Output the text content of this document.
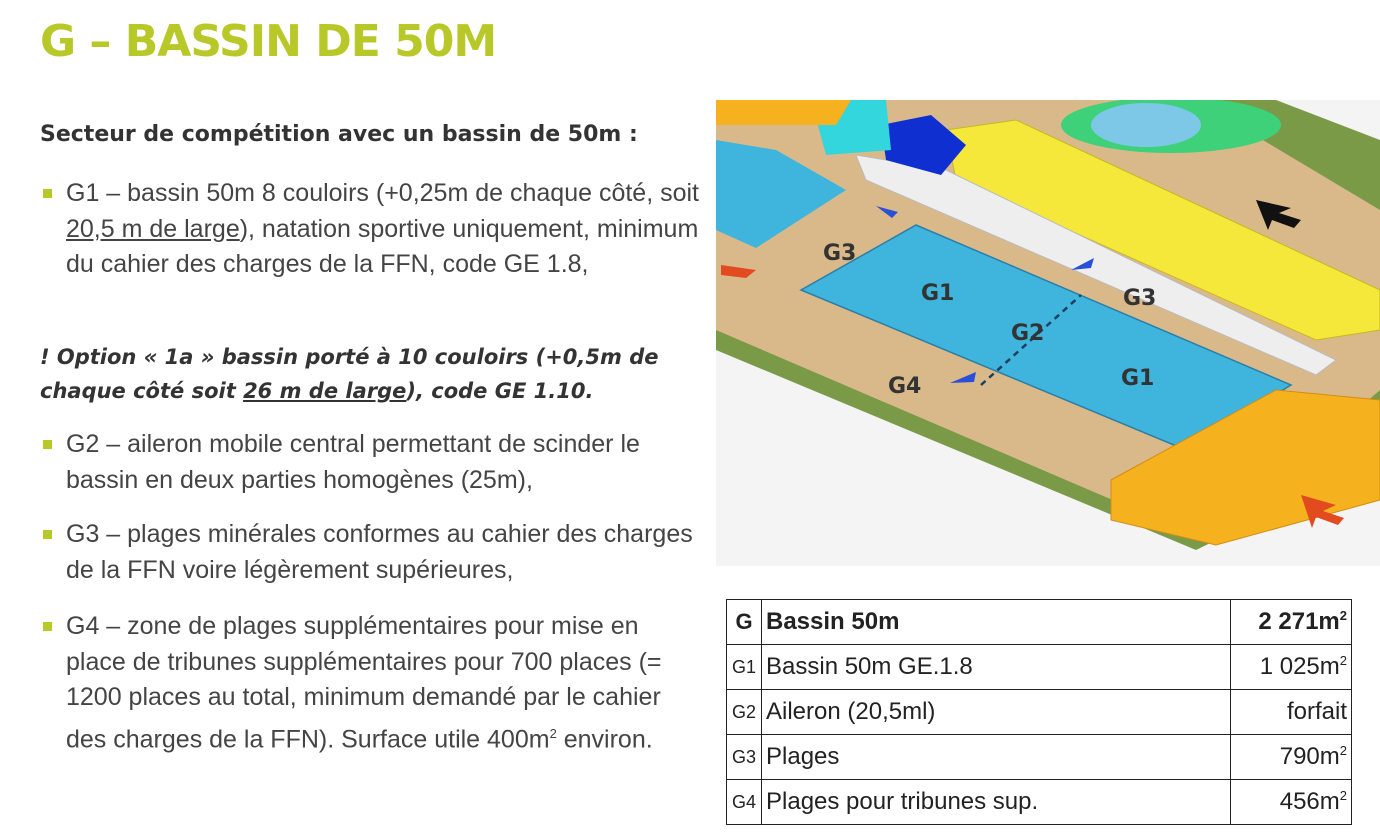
G – BASSIN DE 50M

Secteur de compétition avec un bassin de 50m :

G1 – bassin 50m 8 couloirs (+0,25m de chaque côté, soit 20,5 m de large), natation sportive uniquement, minimum du cahier des charges de la FFN, code GE 1.8,
! Option « 1a » bassin porté à 10 couloirs (+0,5m de chaque côté soit 26 m de large), code GE 1.10.
G2 – aileron mobile central permettant de scinder le bassin en deux parties homogènes (25m),
G3 – plages minérales conformes au cahier des charges de la FFN voire légèrement supérieures,
G4 – zone de plages supplémentaires pour mise en place de tribunes supplémentaires pour 700 places (= 1200 places au total, minimum demandé par le cahier des charges de la FFN). Surface utile $400m^2$ environ.
G3
G1	G3
G2
G1
G4
G	Bassin 50m	2 $271m^2$
G1	Bassin 50m GE.1.8	1 $025m^2$
G2	Aileron (20,5ml)	forfait
G3	Plages	$790m^2$
G4	Plages pour tribunes sup.	$456m^2$
